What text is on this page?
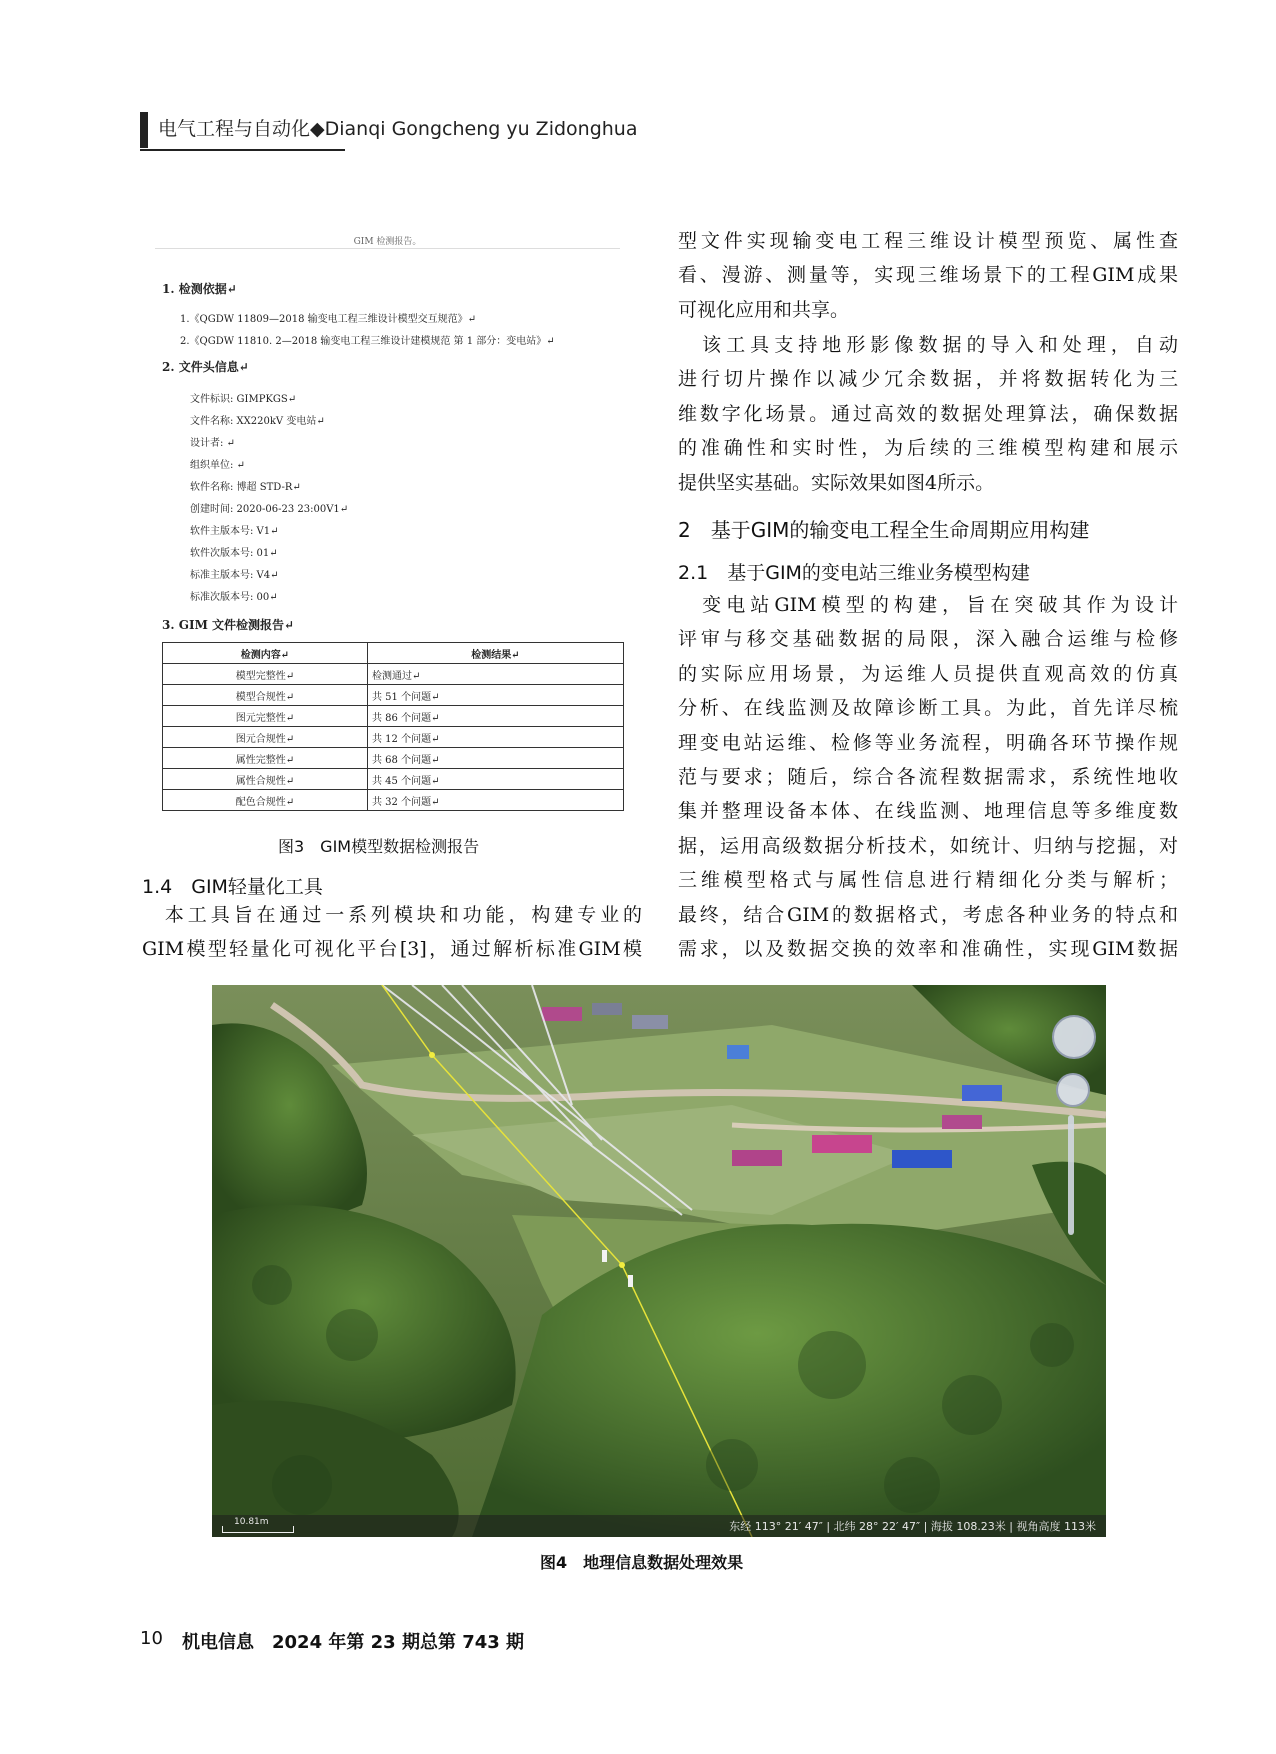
电气工程与自动化◆Dianqi Gongcheng yu Zidonghua
GIM 检测报告。
1. 检测依据↵
1.《QGDW 11809—2018 输变电工程三维设计模型交互规范》↵
2.《QGDW 11810. 2—2018 输变电工程三维设计建模规范 第 1 部分：变电站》↵
2. 文件头信息↵
文件标识: GIMPKGS↵
文件名称: XX220kV 变电站↵
设计者: ↵
组织单位: ↵
软件名称: 博超 STD-R↵
创建时间: 2020-06-23 23:00V1↵
软件主版本号: V1↵
软件次版本号: 01↵
标准主版本号: V4↵
标准次版本号: 00↵
3. GIM 文件检测报告↵
检测内容↵	检测结果↵
模型完整性↵	检测通过↵
模型合规性↵	共 51 个问题↵
图元完整性↵	共 86 个问题↵
图元合规性↵	共 12 个问题↵
属性完整性↵	共 68 个问题↵
属性合规性↵	共 45 个问题↵
配色合规性↵	共 32 个问题↵
图3　GIM模型数据检测报告
1.4　GIM轻量化工具
　本工具旨在通过一系列模块和功能，构建专业的
GIM模型轻量化可视化平台[3]，通过解析标准GIM模
型文件实现输变电工程三维设计模型预览、属性查
看、漫游、测量等，实现三维场景下的工程GIM成果
可视化应用和共享。
　该工具支持地形影像数据的导入和处理，自动
进行切片操作以减少冗余数据，并将数据转化为三
维数字化场景。通过高效的数据处理算法，确保数据
的准确性和实时性，为后续的三维模型构建和展示
提供坚实基础。实际效果如图4所示。
2　基于GIM的输变电工程全生命周期应用构建
2.1　基于GIM的变电站三维业务模型构建
　变电站GIM模型的构建，旨在突破其作为设计
评审与移交基础数据的局限，深入融合运维与检修
的实际应用场景，为运维人员提供直观高效的仿真
分析、在线监测及故障诊断工具。为此，首先详尽梳
理变电站运维、检修等业务流程，明确各环节操作规
范与要求；随后，综合各流程数据需求，系统性地收
集并整理设备本体、在线监测、地理信息等多维度数
据，运用高级数据分析技术，如统计、归纳与挖掘，对
三维模型格式与属性信息进行精细化分类与解析；
最终，结合GIM的数据格式，考虑各种业务的特点和
需求，以及数据交换的效率和准确性，实现GIM数据
10.81m	东经 113° 21′ 47″ | 北纬 28° 22′ 47″ | 海拔 108.23米 | 视角高度 113米
图4　地理信息数据处理效果
10 机电信息　2024 年第 23 期总第 743 期
